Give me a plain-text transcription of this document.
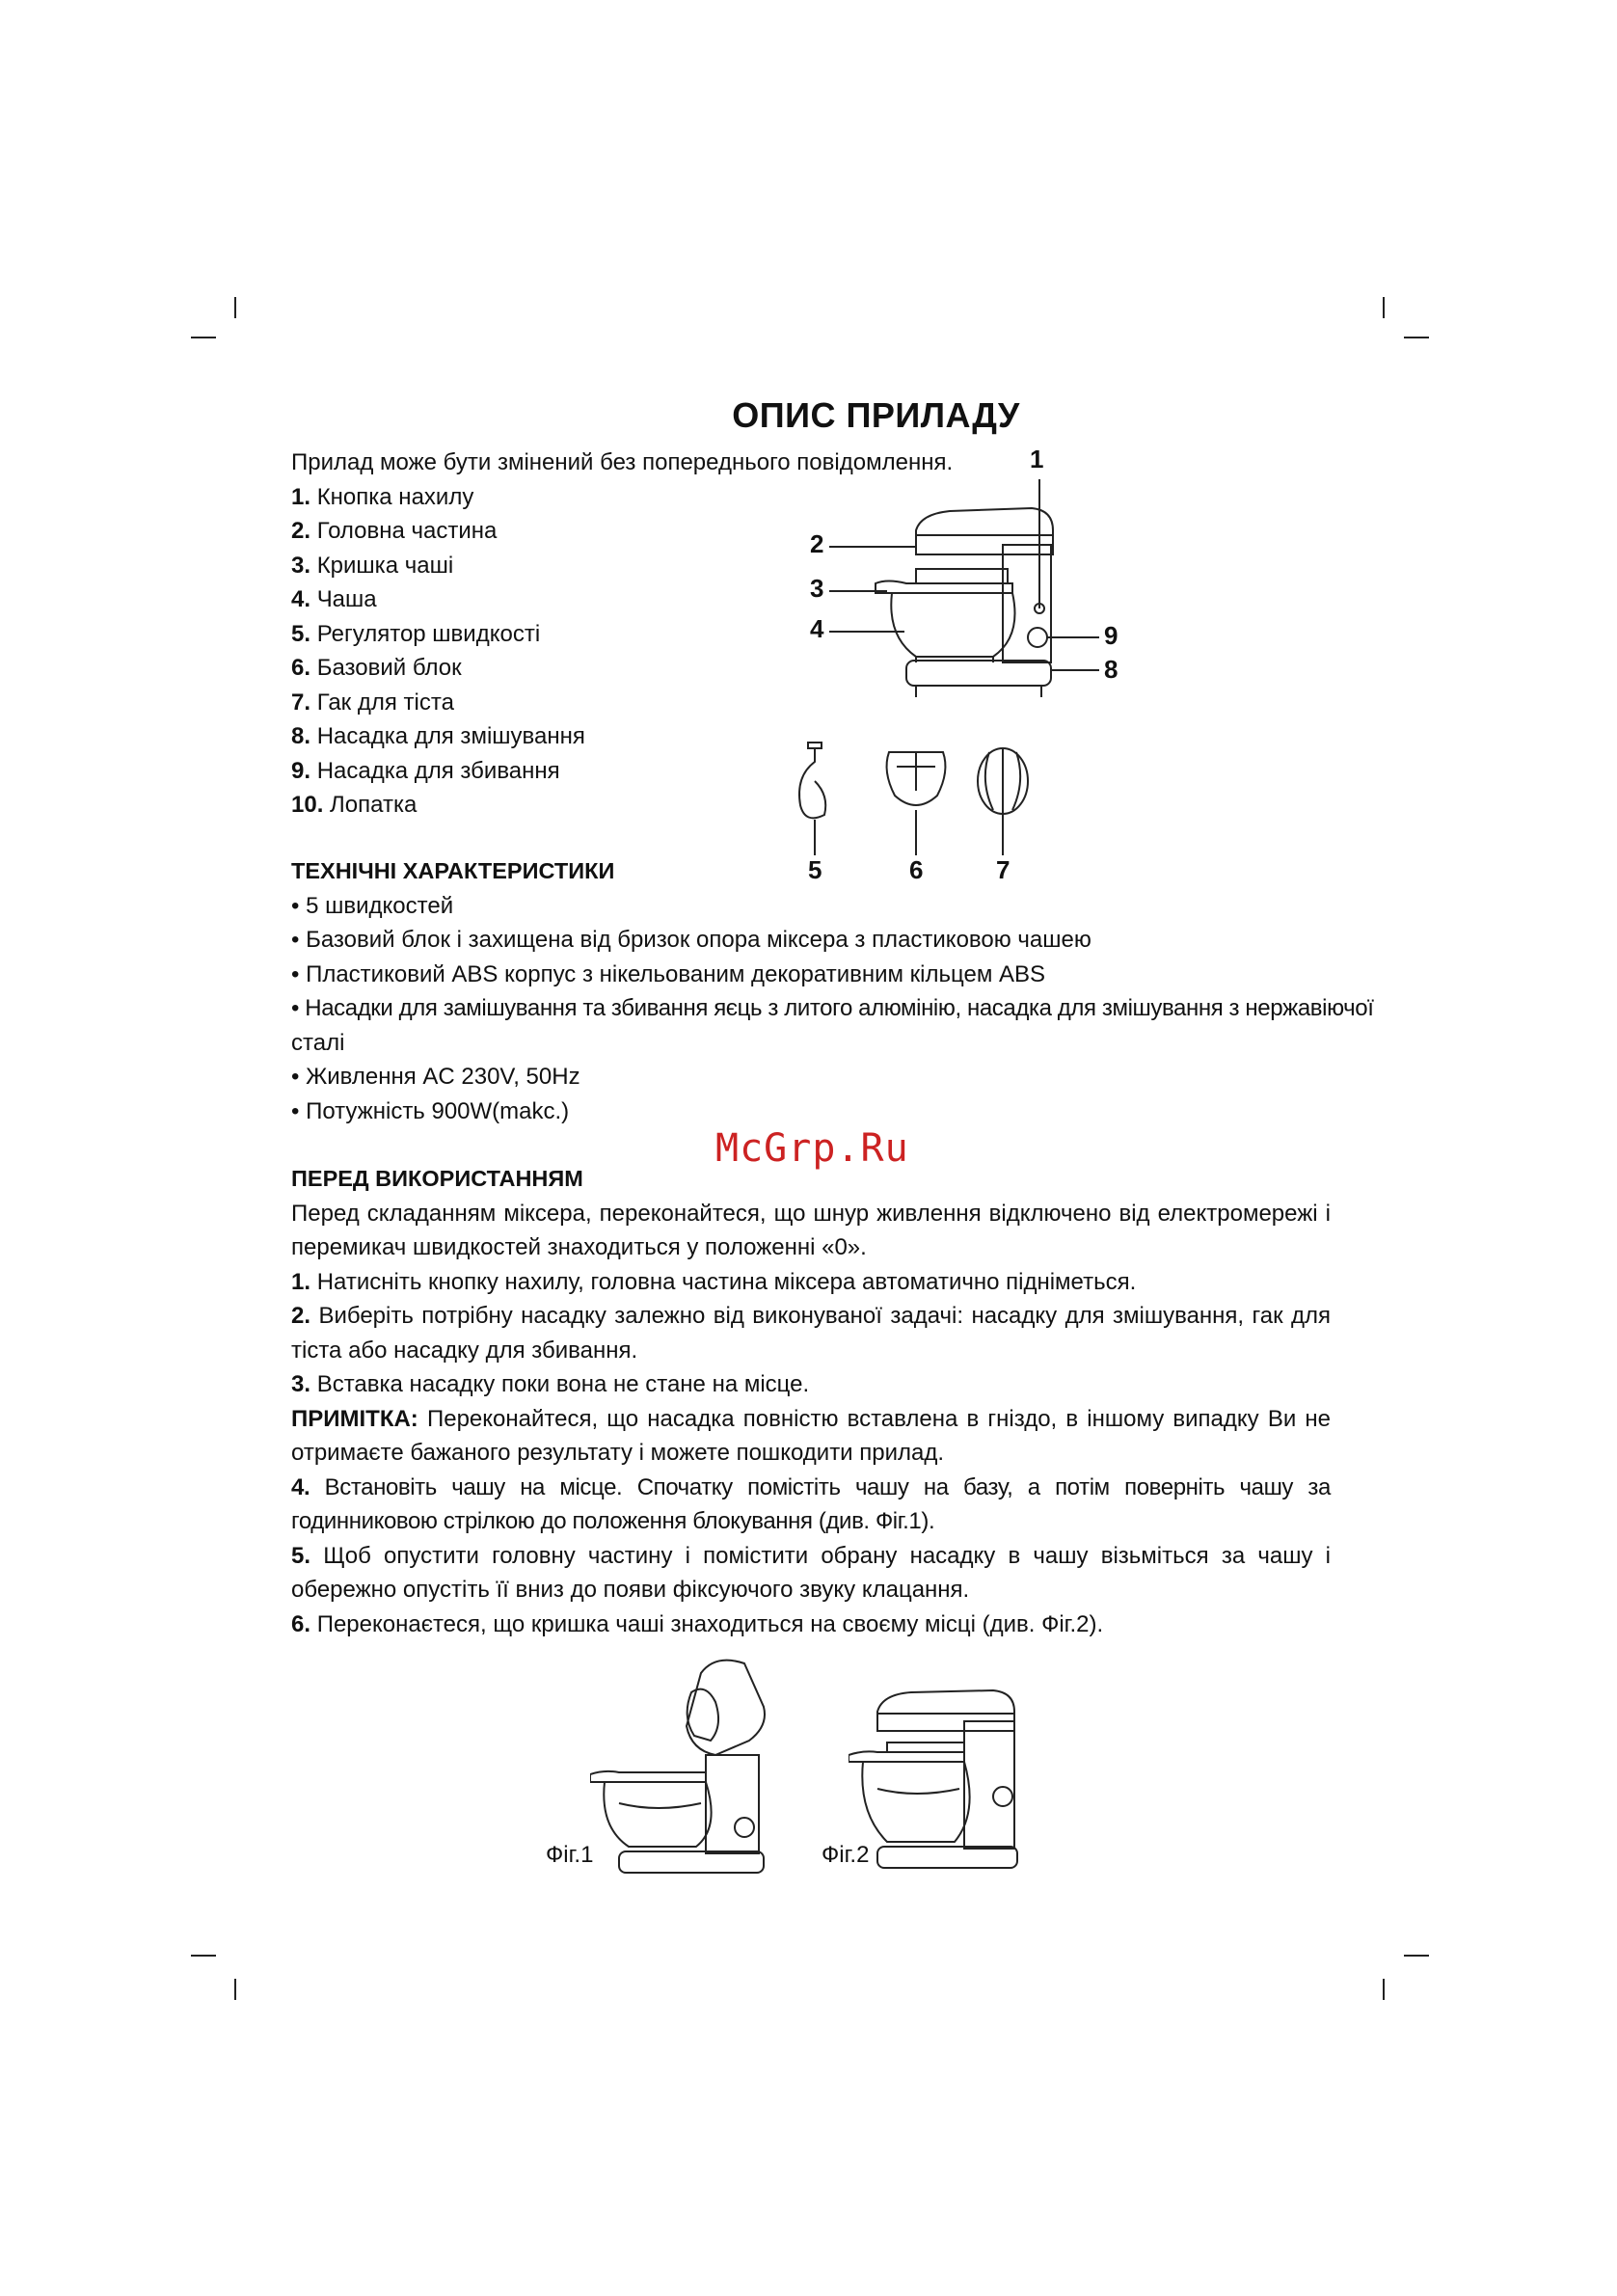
ОПИС ПРИЛАДУ
Прилад може бути змінений без попереднього повідомлення.
1. Кнопка нахилу
2. Головна частина
3. Кришка чаші
4. Чаша
5. Регулятор швидкості
6. Базовий блок
7. Гак для тіста
8. Насадка для змішування
9. Насадка для збивання
10. Лопатка
1
2
3
4	9
8
5	6	7
ТЕХНІЧНІ ХАРАКТЕРИСТИКИ
• 5 швидкостей
• Базовий блок і захищена від бризок опора міксера з пластиковою чашею
• Пластиковий ABS корпус з нікельованим декоративним кільцем ABS
• Насадки для замішування та збивання яєць з литого алюмінію, насадка для змішування з нержавіючої
сталі
• Живлення AC 230V, 50Hz
• Потужність 900W(makc.)
McGrp.Ru
ПЕРЕД ВИКОРИСТАННЯМ
Перед складанням міксера, переконайтеся, що шнур живлення відключено від електромережі і перемикач швидкостей знаходиться у положенні «0».
1. Натисніть кнопку нахилу, головна частина міксера автоматично підніметься.
2. Виберіть потрібну насадку залежно від виконуваної задачі: насадку для змішування, гак для тіста або насадку для збивання.
3. Вставка насадку поки вона не стане на місце.
ПРИМІТКА: Переконайтеся, що насадка повністю вставлена в гніздо, в іншому випадку Ви не отримаєте бажаного результату і можете пошкодити прилад.
4. Встановіть чашу на місце. Спочатку помістіть чашу на базу, а потім поверніть чашу за годинниковою стрілкою до положення блокування (див. Фіг.1).
5. Щоб опустити головну частину і помістити обрану насадку в чашу візьміться за чашу і обережно опустіть її вниз до появи фіксуючого звуку клацання.
6. Переконаєтеся, що кришка чаші знаходиться на своєму місці (див. Фіг.2).
Фіг.1	Фіг.2
